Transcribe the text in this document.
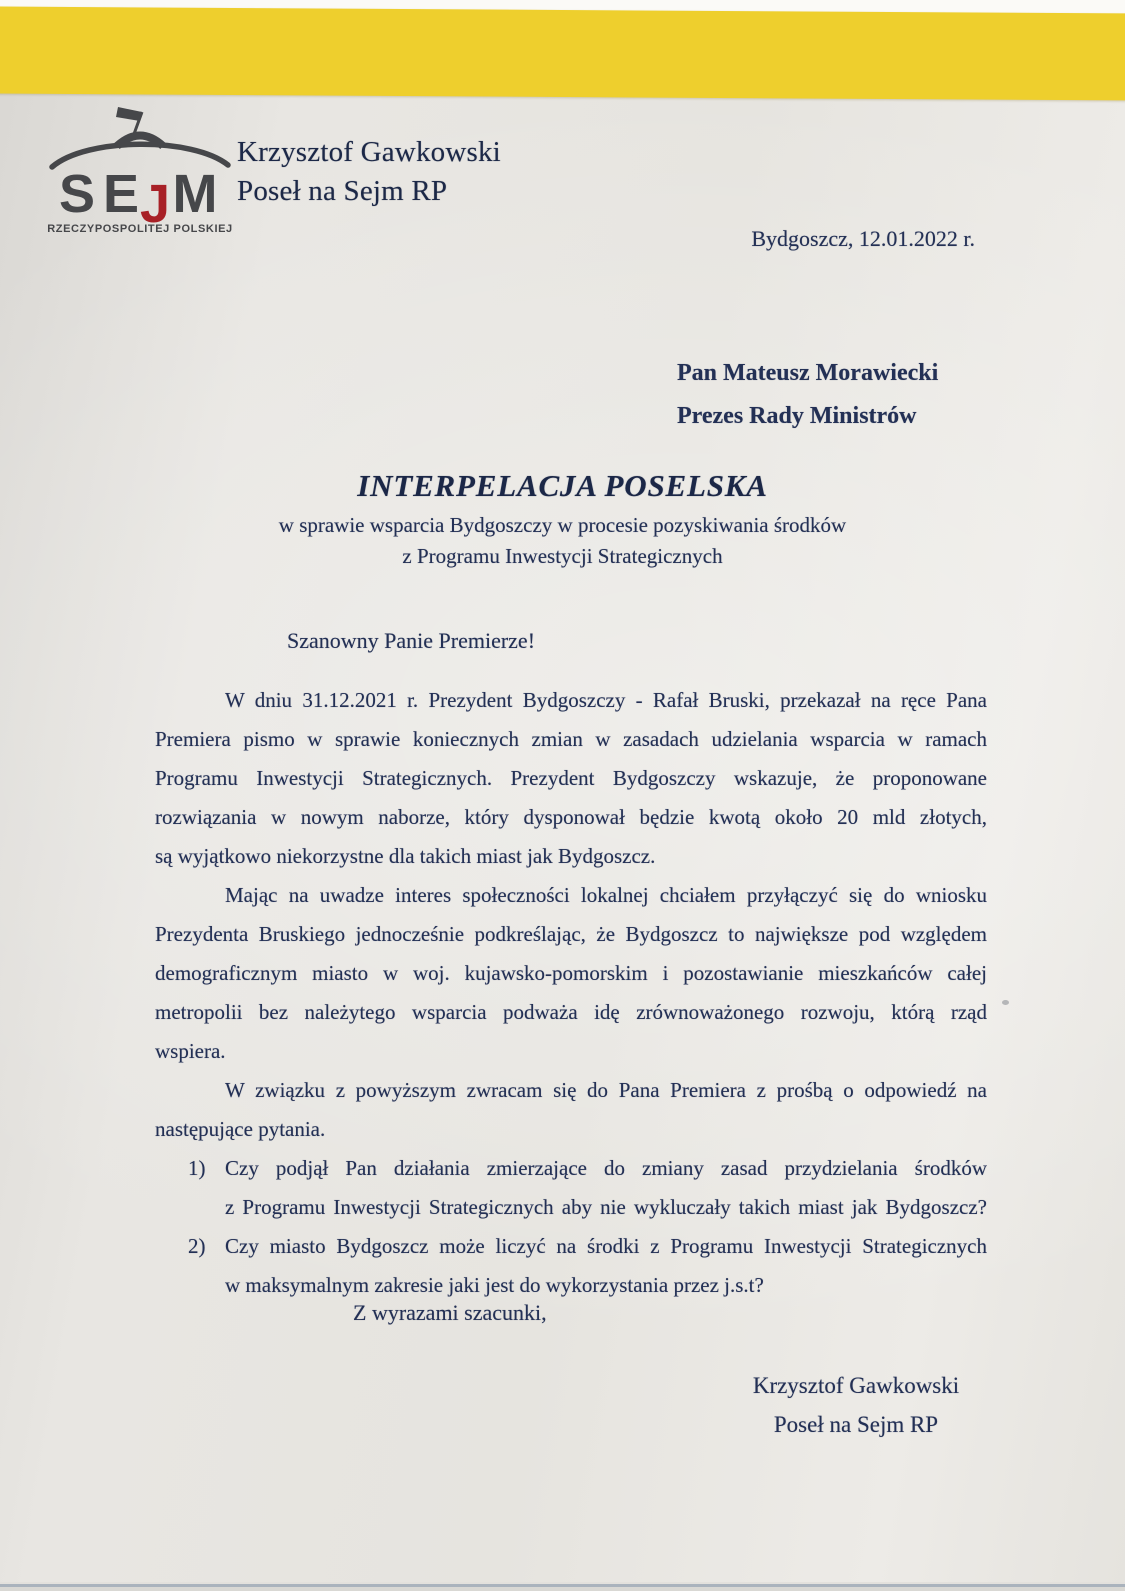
S E J M
RZECZYPOSPOLITEJ POLSKIEJ
Krzysztof Gawkowski
Poseł na Sejm RP
Bydgoszcz, 12.01.2022 r.
Pan Mateusz Morawiecki
Prezes Rady Ministrów
INTERPELACJA POSELSKA
w sprawie wsparcia Bydgoszczy w procesie pozyskiwania środków
z Programu Inwestycji Strategicznych
Szanowny Panie Premierze!
W dniu 31.12.2021 r. Prezydent Bydgoszczy - Rafał Bruski, przekazał na ręce Pana
Premiera pismo w sprawie koniecznych zmian w zasadach udzielania wsparcia w ramach
Programu Inwestycji Strategicznych. Prezydent Bydgoszczy wskazuje, że proponowane
rozwiązania w nowym naborze, który dysponował będzie kwotą około 20 mld złotych,
są wyjątkowo niekorzystne dla takich miast jak Bydgoszcz.
Mając na uwadze interes społeczności lokalnej chciałem przyłączyć się do wniosku
Prezydenta Bruskiego jednocześnie podkreślając, że Bydgoszcz to największe pod względem
demograficznym miasto w woj. kujawsko-pomorskim i pozostawianie mieszkańców całej
metropolii bez należytego wsparcia podważa idę zrównoważonego rozwoju, którą rząd
wspiera.
W związku z powyższym zwracam się do Pana Premiera z prośbą o odpowiedź na
następujące pytania.
1) Czy podjął Pan działania zmierzające do zmiany zasad przydzielania środków
z Programu Inwestycji Strategicznych aby nie wykluczały takich miast jak Bydgoszcz?
2) Czy miasto Bydgoszcz może liczyć na środki z Programu Inwestycji Strategicznych
w maksymalnym zakresie jaki jest do wykorzystania przez j.s.t?
Z wyrazami szacunki,
Krzysztof Gawkowski
Poseł na Sejm RP
